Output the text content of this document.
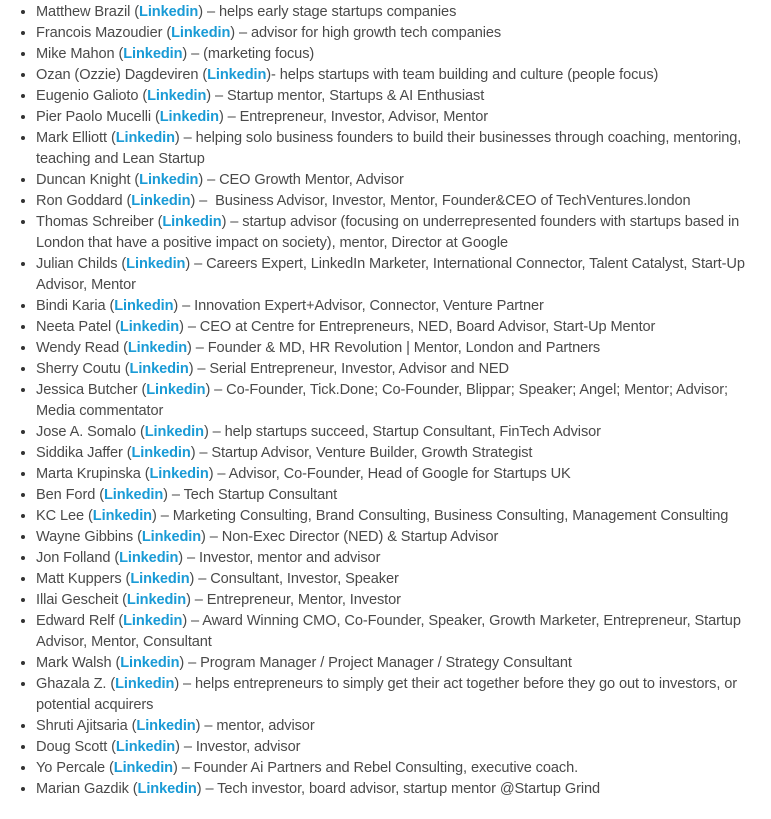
• Matthew Brazil (Linkedin) – helps early stage startups companies
• Francois Mazoudier (Linkedin) – advisor for high growth tech companies
• Mike Mahon (Linkedin) – (marketing focus)
• Ozan (Ozzie) Dagdeviren (Linkedin)- helps startups with team building and culture (people focus)
• Eugenio Galioto (Linkedin) – Startup mentor, Startups & AI Enthusiast
• Pier Paolo Mucelli (Linkedin) – Entrepreneur, Investor, Advisor, Mentor
• Mark Elliott (Linkedin) – helping solo business founders to build their businesses through coaching, mentoring, teaching and Lean Startup
• Duncan Knight (Linkedin) – CEO Growth Mentor, Advisor
• Ron Goddard (Linkedin) –  Business Advisor, Investor, Mentor, Founder&CEO of TechVentures.london
• Thomas Schreiber (Linkedin) – startup advisor (focusing on underrepresented founders with startups based in London that have a positive impact on society), mentor, Director at Google
• Julian Childs (Linkedin) – Careers Expert, LinkedIn Marketer, International Connector, Talent Catalyst, Start-Up Advisor, Mentor
• Bindi Karia (Linkedin) – Innovation Expert+Advisor, Connector, Venture Partner
• Neeta Patel (Linkedin) – CEO at Centre for Entrepreneurs, NED, Board Advisor, Start-Up Mentor
• Wendy Read (Linkedin) – Founder & MD, HR Revolution | Mentor, London and Partners
• Sherry Coutu (Linkedin) – Serial Entrepreneur, Investor, Advisor and NED
• Jessica Butcher (Linkedin) – Co-Founder, Tick.Done; Co-Founder, Blippar; Speaker; Angel; Mentor; Advisor; Media commentator
• Jose A. Somalo (Linkedin) – help startups succeed, Startup Consultant, FinTech Advisor
• Siddika Jaffer (Linkedin) – Startup Advisor, Venture Builder, Growth Strategist
• Marta Krupinska (Linkedin) – Advisor, Co-Founder, Head of Google for Startups UK
• Ben Ford (Linkedin) – Tech Startup Consultant
• KC Lee (Linkedin) – Marketing Consulting, Brand Consulting, Business Consulting, Management Consulting
• Wayne Gibbins (Linkedin) – Non-Exec Director (NED) & Startup Advisor
• Jon Folland (Linkedin) – Investor, mentor and advisor
• Matt Kuppers (Linkedin) – Consultant, Investor, Speaker
• Illai Gescheit (Linkedin) – Entrepreneur, Mentor, Investor
• Edward Relf (Linkedin) – Award Winning CMO, Co-Founder, Speaker, Growth Marketer, Entrepreneur, Startup Advisor, Mentor, Consultant
• Mark Walsh (Linkedin) – Program Manager / Project Manager / Strategy Consultant
• Ghazala Z. (Linkedin) – helps entrepreneurs to simply get their act together before they go out to investors, or potential acquirers
• Shruti Ajitsaria (Linkedin) – mentor, advisor
• Doug Scott (Linkedin) – Investor, advisor
• Yo Percale (Linkedin) – Founder Ai Partners and Rebel Consulting, executive coach.
• Marian Gazdik (Linkedin) – Tech investor, board advisor, startup mentor @Startup Grind
